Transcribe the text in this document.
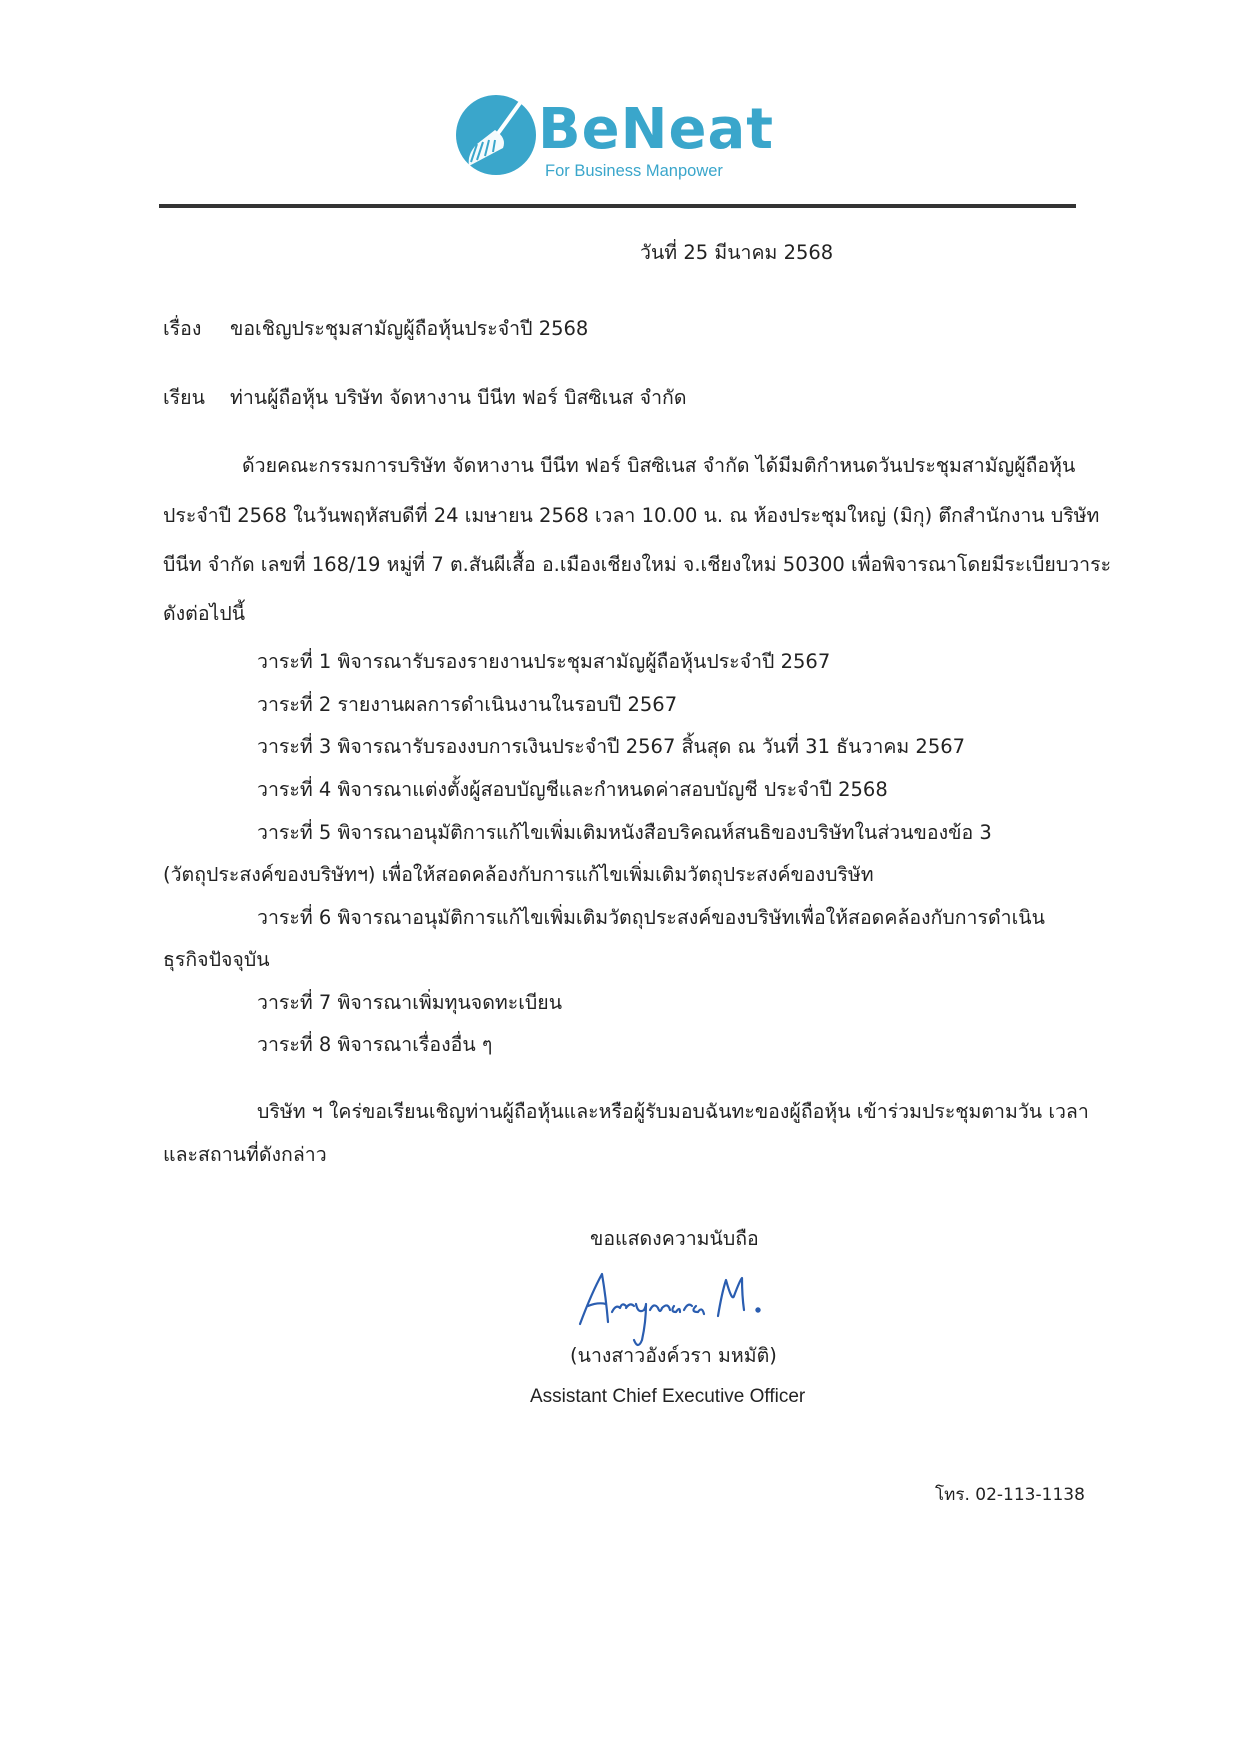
BeNeat
For Business Manpower
วันที่ 25 มีนาคม 2568
เรื่อง	ขอเชิญประชุมสามัญผู้ถือหุ้นประจำปี 2568
เรียน	ท่านผู้ถือหุ้น บริษัท จัดหางาน บีนีท ฟอร์ บิสซิเนส จำกัด
ด้วยคณะกรรมการบริษัท จัดหางาน บีนีท ฟอร์ บิสซิเนส จำกัด ได้มีมติกำหนดวันประชุมสามัญผู้ถือหุ้น
ประจำปี 2568 ในวันพฤหัสบดีที่ 24 เมษายน 2568 เวลา 10.00 น. ณ ห้องประชุมใหญ่ (มิกุ) ตึกสำนักงาน บริษัท
บีนีท จำกัด เลขที่ 168/19 หมู่ที่ 7 ต.สันผีเสื้อ อ.เมืองเชียงใหม่ จ.เชียงใหม่ 50300 เพื่อพิจารณาโดยมีระเบียบวาระ
ดังต่อไปนี้
วาระที่ 1 พิจารณารับรองรายงานประชุมสามัญผู้ถือหุ้นประจำปี 2567
วาระที่ 2 รายงานผลการดำเนินงานในรอบปี 2567
วาระที่ 3 พิจารณารับรองงบการเงินประจำปี 2567 สิ้นสุด ณ วันที่ 31 ธันวาคม 2567
วาระที่ 4 พิจารณาแต่งตั้งผู้สอบบัญชีและกำหนดค่าสอบบัญชี ประจำปี 2568
วาระที่ 5 พิจารณาอนุมัติการแก้ไขเพิ่มเติมหนังสือบริคณห์สนธิของบริษัทในส่วนของข้อ 3
(วัตถุประสงค์ของบริษัทฯ) เพื่อให้สอดคล้องกับการแก้ไขเพิ่มเติมวัตถุประสงค์ของบริษัท
วาระที่ 6 พิจารณาอนุมัติการแก้ไขเพิ่มเติมวัตถุประสงค์ของบริษัทเพื่อให้สอดคล้องกับการดำเนิน
ธุรกิจปัจจุบัน
วาระที่ 7 พิจารณาเพิ่มทุนจดทะเบียน
วาระที่ 8 พิจารณาเรื่องอื่น ๆ
บริษัท ฯ ใคร่ขอเรียนเชิญท่านผู้ถือหุ้นและหรือผู้รับมอบฉันทะของผู้ถือหุ้น เข้าร่วมประชุมตามวัน เวลา
และสถานที่ดังกล่าว
ขอแสดงความนับถือ
(นางสาวอังค์วรา มหมัติ)
Assistant Chief Executive Officer
โทร. 02-113-1138
